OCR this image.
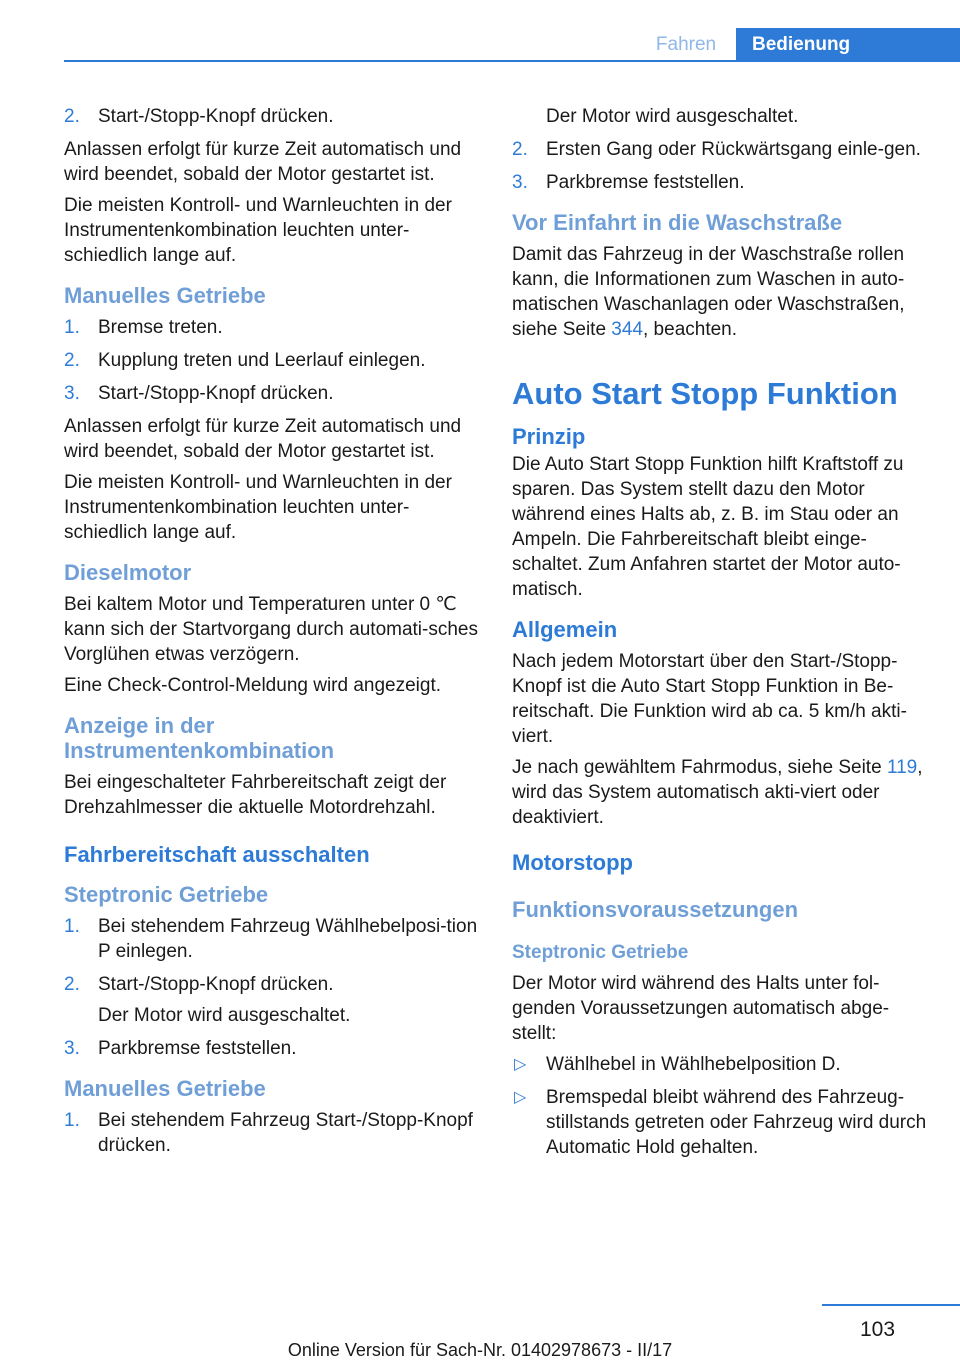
Fahren	Bedienung
2. Start-/Stopp-Knopf drücken.
Anlassen erfolgt für kurze Zeit automatisch und wird beendet, sobald der Motor gestartet ist.
Die meisten Kontroll- und Warnleuchten in der Instrumentenkombination leuchten unter‐schiedlich lange auf.
Manuelles Getriebe
1. Bremse treten.
2. Kupplung treten und Leerlauf einlegen.
3. Start-/Stopp-Knopf drücken.
Anlassen erfolgt für kurze Zeit automatisch und wird beendet, sobald der Motor gestartet ist.
Die meisten Kontroll- und Warnleuchten in der Instrumentenkombination leuchten unter‐schiedlich lange auf.
Dieselmotor
Bei kaltem Motor und Temperaturen unter 0 ℃ kann sich der Startvorgang durch automati‐sches Vorglühen etwas verzögern.
Eine Check-Control-Meldung wird angezeigt.
Anzeige in der Instrumentenkombination
Bei eingeschalteter Fahrbereitschaft zeigt der Drehzahlmesser die aktuelle Motordrehzahl.
Fahrbereitschaft ausschalten
Steptronic Getriebe
1. Bei stehendem Fahrzeug Wählhebelposi‐tion P einlegen.
2. Start-/Stopp-Knopf drücken.
Der Motor wird ausgeschaltet.
3. Parkbremse feststellen.
Manuelles Getriebe
1. Bei stehendem Fahrzeug Start-/Stopp-Knopf drücken.
Der Motor wird ausgeschaltet.
2. Ersten Gang oder Rückwärtsgang einle‐gen.
3. Parkbremse feststellen.
Vor Einfahrt in die Waschstraße
Damit das Fahrzeug in der Waschstraße rollen kann, die Informationen zum Waschen in auto‐matischen Waschanlagen oder Waschstraßen, siehe Seite 344, beachten.
Auto Start Stopp Funktion
Prinzip
Die Auto Start Stopp Funktion hilft Kraftstoff zu sparen. Das System stellt dazu den Motor während eines Halts ab, z. B. im Stau oder an Ampeln. Die Fahrbereitschaft bleibt einge‐schaltet. Zum Anfahren startet der Motor auto‐matisch.
Allgemein
Nach jedem Motorstart über den Start-/Stopp-Knopf ist die Auto Start Stopp Funktion in Be‐reitschaft. Die Funktion wird ab ca. 5 km/h akti‐viert.
Je nach gewähltem Fahrmodus, siehe Seite 119, wird das System automatisch akti‐viert oder deaktiviert.
Motorstopp
Funktionsvoraussetzungen
Steptronic Getriebe
Der Motor wird während des Halts unter fol‐genden Voraussetzungen automatisch abge‐stellt:
▷	Wählhebel in Wählhebelposition D.
▷	Bremspedal bleibt während des Fahrzeug‐stillstands getreten oder Fahrzeug wird durch Automatic Hold gehalten.
103
Online Version für Sach-Nr. 01402978673 - II/17
